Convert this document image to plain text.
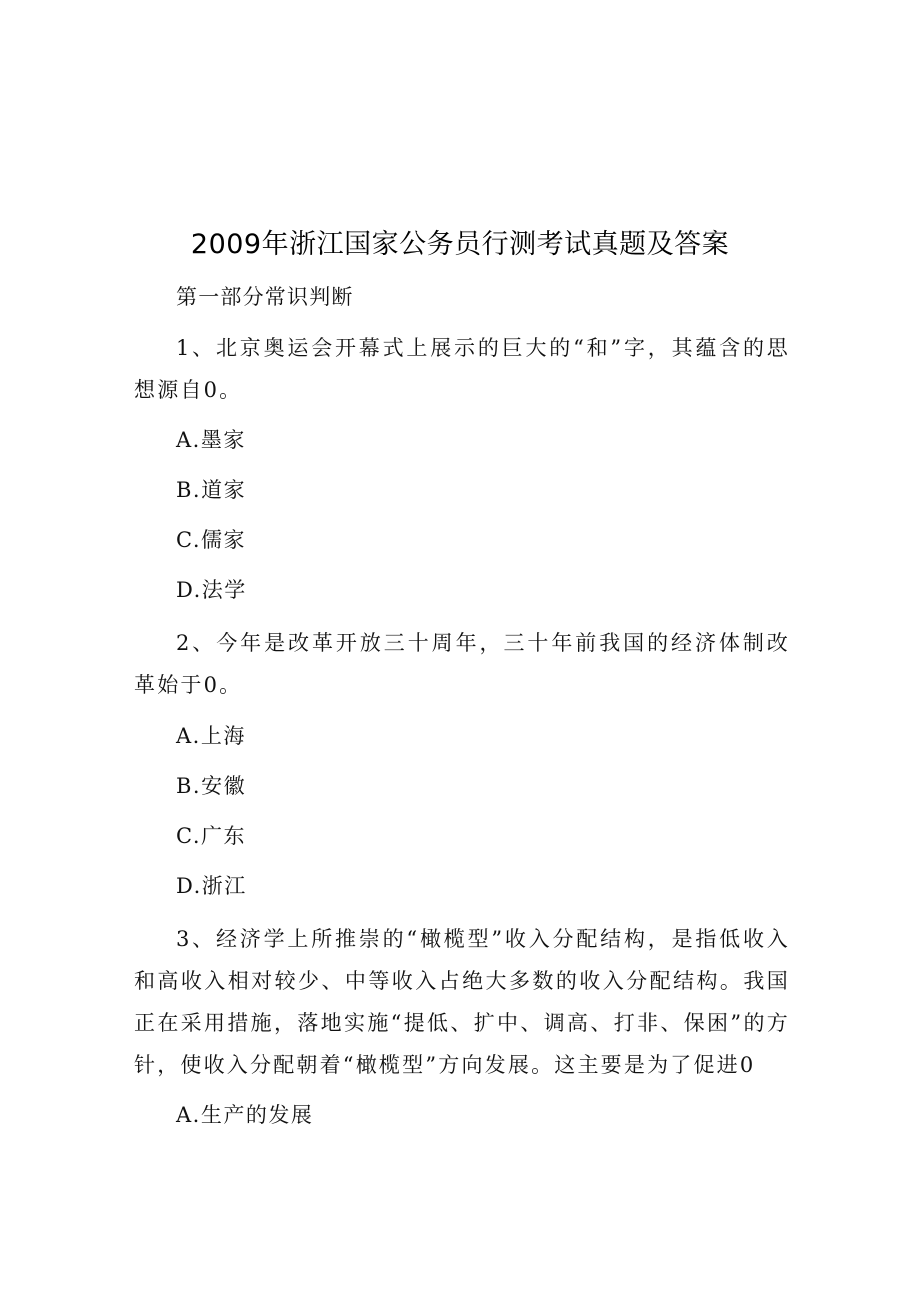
2009年浙江国家公务员行测考试真题及答案
第一部分常识判断
1、北京奥运会开幕式上展示的巨大的“和”字，其蕴含的思想源自0。
A.墨家
B.道家
C.儒家
D.法学
2、今年是改革开放三十周年，三十年前我国的经济体制改革始于0。
A.上海
B.安徽
C.广东
D.浙江
3、经济学上所推崇的“橄榄型”收入分配结构，是指低收入和高收入相对较少、中等收入占绝大多数的收入分配结构。我国正在采用措施，落地实施“提低、扩中、调高、打非、保困”的方针，使收入分配朝着“橄榄型”方向发展。这主要是为了促进0
A.生产的发展
